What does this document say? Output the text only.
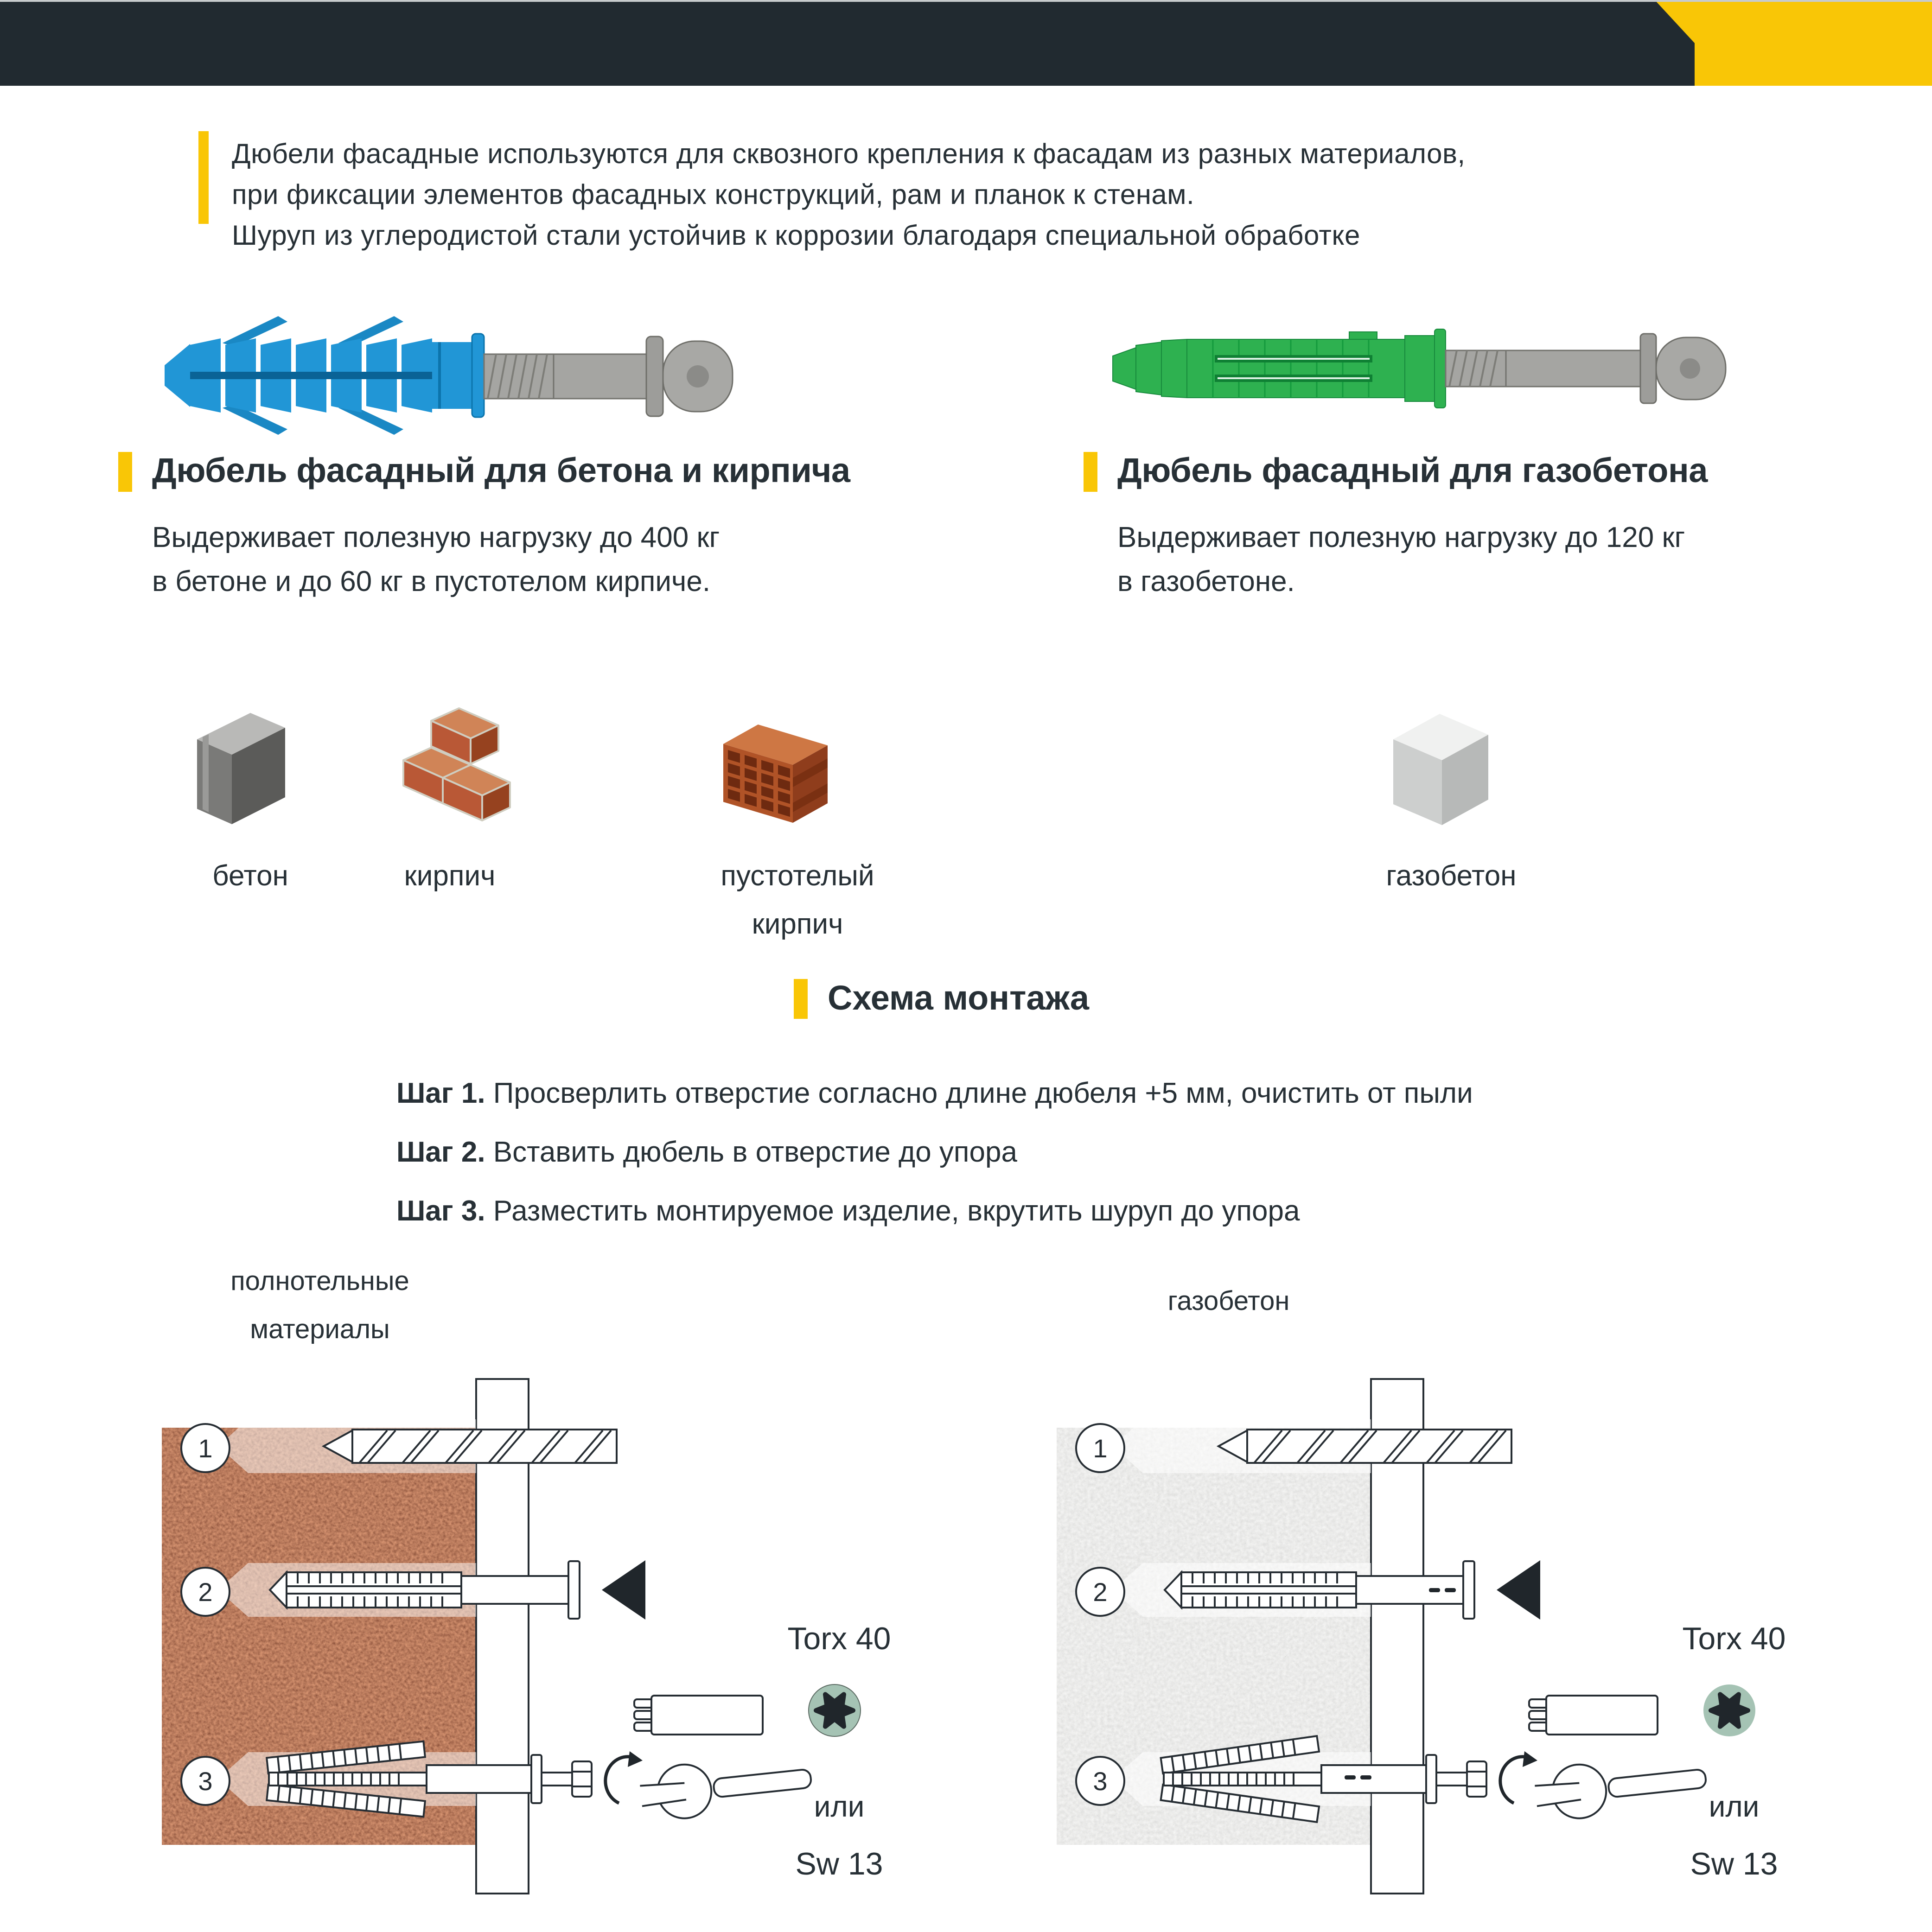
Дюбели фасадные используются для сквозного крепления к фасадам из разных материалов,
при фиксации элементов фасадных конструкций, рам и планок к стенам.
Шуруп из углеродистой стали устойчив к коррозии благодаря специальной обработке
Дюбель фасадный для бетона и кирпича
Выдерживает полезную нагрузку до 400 кг
в бетоне и до 60 кг в пустотелом кирпиче.
Дюбель фасадный для газобетона
Выдерживает полезную нагрузку до 120 кг
в газобетоне.
бетон	кирпич	пустотелый
кирпич
газобетон
Схема монтажа
Шаг 1. Просверлить отверстие согласно длине дюбеля +5 мм, очистить от пыли
Шаг 2. Вставить дюбель в отверстие до упора
Шаг 3. Разместить монтируемое изделие, вкрутить шуруп до упора
полнотельные
материалы
1
2
3
Torx 40
или
Sw 13
газобетон
1
2
3
Torx 40
или
Sw 13
